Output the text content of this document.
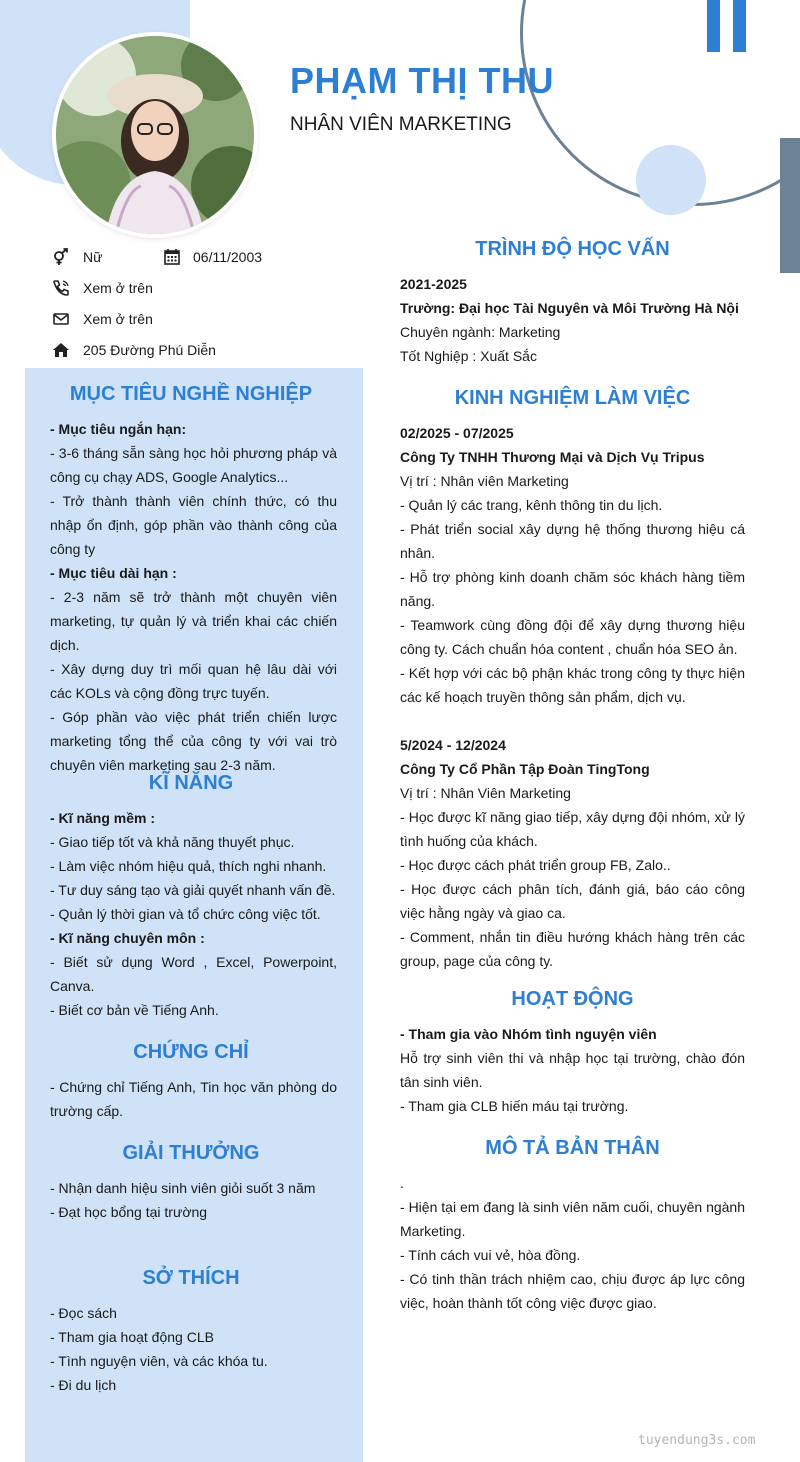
PHẠM THỊ THU
NHÂN VIÊN MARKETING
Nữ	06/11/2003
Xem ở trên
Xem ở trên
205 Đường Phú Diễn
MỤC TIÊU NGHỀ NGHIỆP

- Mục tiêu ngắn hạn:

- 3-6 tháng sẵn sàng học hỏi phương pháp và công cụ chạy ADS, Google Analytics...

- Trở thành thành viên chính thức, có thu nhập ổn định, góp phần vào thành công của công ty

- Mục tiêu dài hạn :

- 2-3 năm sẽ trở thành một chuyên viên marketing, tự quản lý và triển khai các chiến dịch.

- Xây dựng duy trì mối quan hệ lâu dài với các KOLs và cộng đồng trực tuyến.

- Góp phần vào việc phát triển chiến lược marketing tổng thể của công ty với vai trò chuyên viên marketing sau 2-3 năm.

KĨ NĂNG

- Kĩ năng mềm :

- Giao tiếp tốt và khả năng thuyết phục.

- Làm việc nhóm hiệu quả, thích nghi nhanh.

- Tư duy sáng tạo và giải quyết nhanh vấn đề.

- Quản lý thời gian và tổ chức công việc tốt.

- Kĩ năng chuyên môn :

- Biết sử dụng Word , Excel, Powerpoint, Canva.

- Biết cơ bản về Tiếng Anh.

CHỨNG CHỈ

- Chứng chỉ Tiếng Anh, Tin học văn phòng do trường cấp.

GIẢI THƯỞNG

- Nhận danh hiệu sinh viên giỏi suốt 3 năm

- Đạt học bổng tại trường

SỞ THÍCH

- Đọc sách

- Tham gia hoạt động CLB

- Tình nguyện viên, và các khóa tu.

- Đi du lịch

TRÌNH ĐỘ HỌC VẤN

2021-2025

Trường: Đại học Tài Nguyên và Môi Trường Hà Nội

Chuyên ngành: Marketing

Tốt Nghiệp : Xuất Sắc

KINH NGHIỆM LÀM VIỆC

02/2025 - 07/2025

Công Ty TNHH Thương Mại và Dịch Vụ Tripus

Vị trí : Nhân viên Marketing

- Quản lý các trang, kênh thông tin du lịch.

- Phát triển social xây dựng hệ thống thương hiệu cá nhân.

- Hỗ trợ phòng kinh doanh chăm sóc khách hàng tiềm năng.

- Teamwork cùng đồng đội để xây dựng thương hiệu công ty. Cách chuẩn hóa content , chuẩn hóa SEO ản.

- Kết hợp với các bộ phận khác trong công ty thực hiện các kế hoạch truyền thông sản phẩm, dịch vụ.

5/2024 - 12/2024

Công Ty Cổ Phần Tập Đoàn TingTong

Vị trí : Nhân Viên Marketing

- Học được kĩ năng giao tiếp, xây dựng đội nhóm, xử lý tình huống của khách.

- Học được cách phát triển group FB, Zalo..

- Học được cách phân tích, đánh giá, báo cáo công việc hằng ngày và giao ca.

- Comment, nhắn tin điều hướng khách hàng trên các group, page của công ty.

HOẠT ĐỘNG

- Tham gia vào Nhóm tình nguyện viên

Hỗ trợ sinh viên thi và nhập học tại trường, chào đón tân sinh viên.

- Tham gia CLB hiến máu tại trường.

MÔ TẢ BẢN THÂN

.

- Hiện tại em đang là sinh viên năm cuối, chuyên ngành Marketing.

- Tính cách vui vẻ, hòa đồng.

- Có tinh thần trách nhiệm cao, chịu được áp lực công việc, hoàn thành tốt công việc được giao.

tuyendung3s.com
